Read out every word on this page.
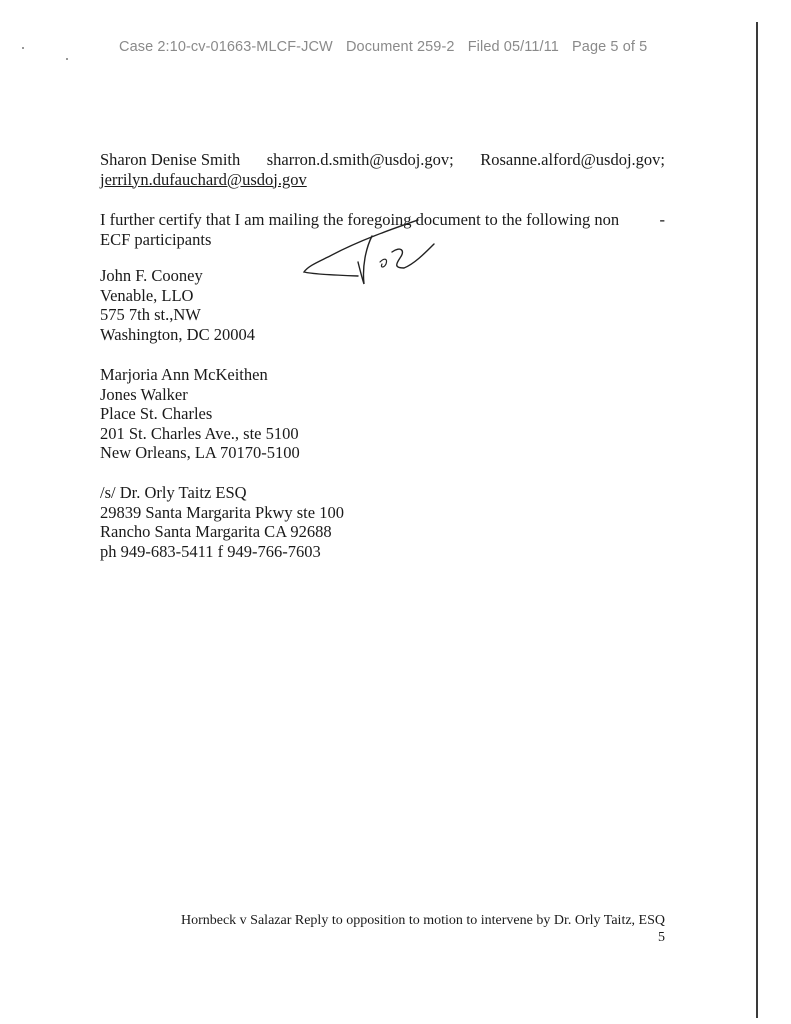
Case 2:10-cv-01663-MLCF-JCW Document 259-2 Filed 05/11/11 Page 5 of 5
Sharon Denise Smith sharron.d.smith@usdoj.gov; Rosanne.alford@usdoj.gov;
jerrilyn.dufauchard@usdoj.gov
I further certify that I am mailing the foregoing document to the following non -
ECF participants
John F. Cooney
Venable, LLO
575 7th st.,NW
Washington, DC 20004
Marjoria Ann McKeithen
Jones Walker
Place St. Charles
201 St. Charles Ave., ste 5100
New Orleans, LA 70170-5100
/s/ Dr. Orly Taitz ESQ
29839 Santa Margarita Pkwy ste 100
Rancho Santa Margarita CA 92688
ph 949-683-5411 f 949-766-7603
Hornbeck v Salazar Reply to opposition to motion to intervene by Dr. Orly Taitz, ESQ
5
